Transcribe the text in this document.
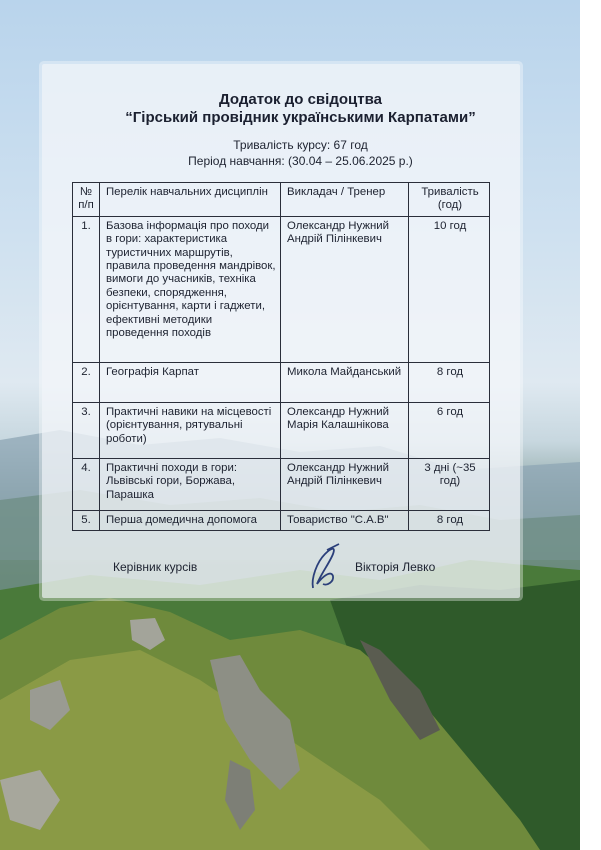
Додаток до свідоцтва
“Гірський провідник українськими Карпатами”
Тривалість курсу: 67 год
Період навчання: (30.04 – 25.06.2025 р.)
№ п/п	Перелік навчальних дисциплін	Викладач / Тренер	Тривалість (год)
1.	Базова інформація про походи в гори: характеристика туристичних маршрутів, правила проведення мандрівок, вимоги до учасників, техніка безпеки, спорядження, орієнтування, карти і гаджети, ефективні методики проведення походів	Олександр Нужний Андрій Пілінкевич	10 год
2.	Географія Карпат	Микола Майданський	8 год
3.	Практичні навики на місцевості (орієнтування, рятувальні роботи)	Олександр Нужний Марія Калашнікова	6 год
4.	Практичні походи в гори: Львівські гори, Боржава, Парашка	Олександр Нужний Андрій Пілінкевич	3 дні (~35 год)
5.	Перша домедична допомога	Товариство "С.А.В"	8 год
Керівник курсів	Вікторія Левко
